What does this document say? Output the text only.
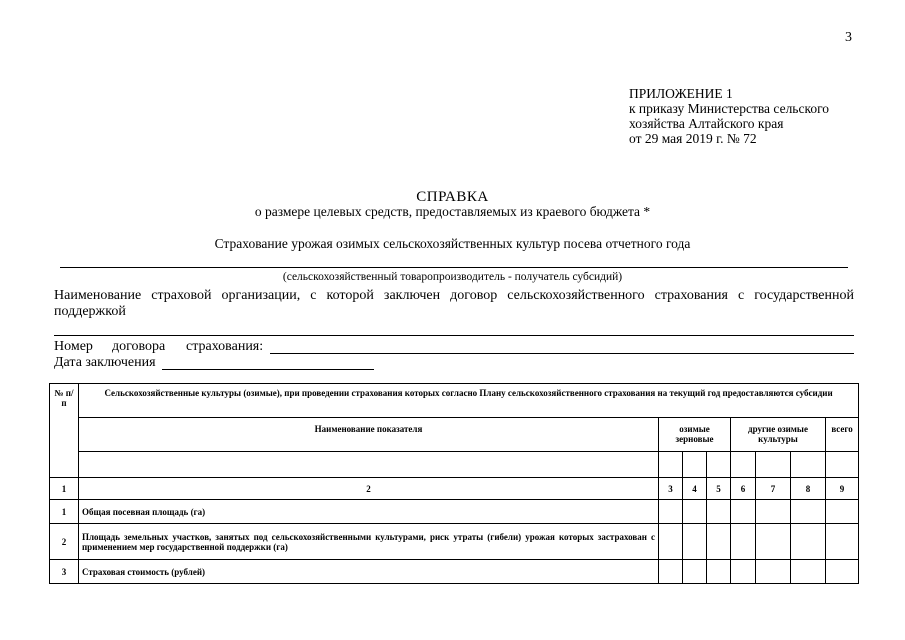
3
ПРИЛОЖЕНИЕ 1
к приказу Министерства сельского
хозяйства Алтайского края
от 29 мая 2019 г. № 72
СПРАВКА
о размере целевых средств, предоставляемых из краевого бюджета *
Страхование урожая озимых сельскохозяйственных культур посева отчетного года
(сельскохозяйственный товаропроизводитель - получатель субсидий)
Наименование страховой организации, с которой заключен договор сельскохозяйственного страхования с государственной
поддержкой
Номер договора страхования:
Дата заключения
№ п/п	Сельскохозяйственные культуры (озимые), при проведении страхования которых согласно Плану сельскохозяйственного страхования на текущий год предоставляются субсидии							
	Наименование показателя	озимые зерновые			другие озимые культуры			всего

1	2	3	4	5	6	7	8	9
1	Общая посевная площадь (га)							
2	Площадь земельных участков, занятых под сельскохозяйственными культурами, риск утраты (гибели) урожая которых застрахован с применением мер государственной поддержки (га)							
3	Страховая стоимость (рублей)							
